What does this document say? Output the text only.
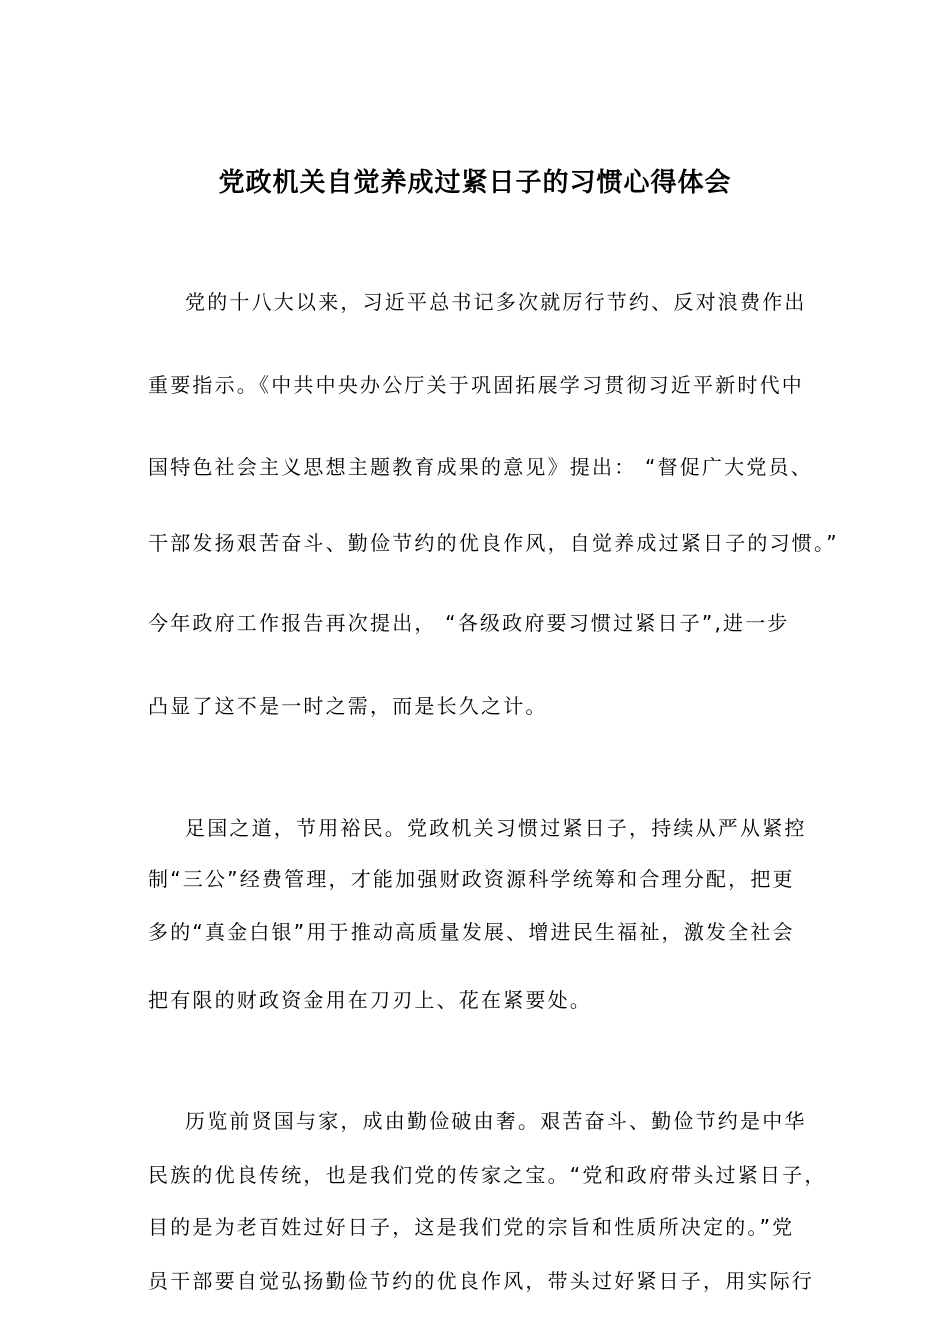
党政机关自觉养成过紧日子的习惯心得体会
党的十八大以来，习近平总书记多次就厉行节约、反对浪费作出
重要指示。《中共中央办公厅关于巩固拓展学习贯彻习近平新时代中
国特色社会主义思想主题教育成果的意见》提出： “督促广大党员、
干部发扬艰苦奋斗、勤俭节约的优良作风，自觉养成过紧日子的习惯。”
今年政府工作报告再次提出， “各级政府要习惯过紧日子”,进一步
凸显了这不是一时之需，而是长久之计。
足国之道，节用裕民。党政机关习惯过紧日子，持续从严从紧控
制“三公”经费管理，才能加强财政资源科学统筹和合理分配，把更
多的“真金白银”用于推动高质量发展、增进民生福祉，激发全社会
把有限的财政资金用在刀刃上、花在紧要处。
历览前贤国与家，成由勤俭破由奢。艰苦奋斗、勤俭节约是中华
民族的优良传统，也是我们党的传家之宝。“党和政府带头过紧日子，
目的是为老百姓过好日子，这是我们党的宗旨和性质所决定的。”党
员干部要自觉弘扬勤俭节约的优良作风，带头过好紧日子，用实际行
